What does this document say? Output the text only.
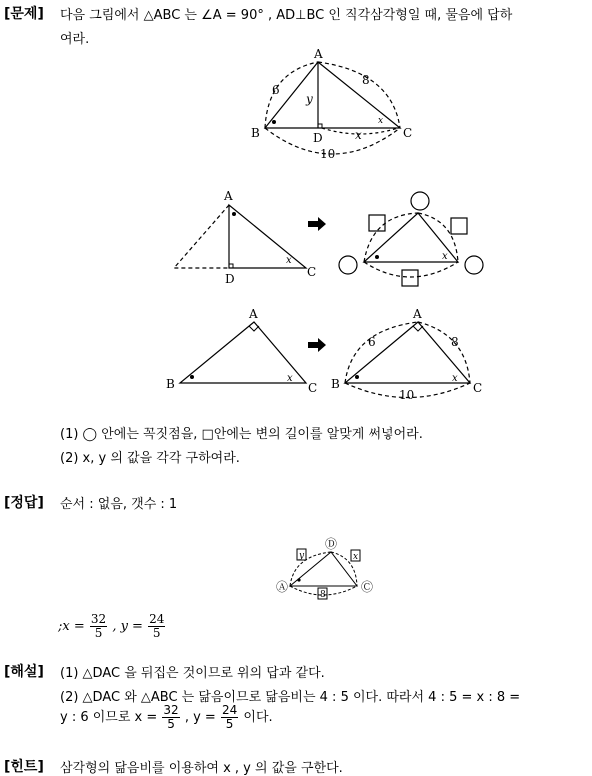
[문제] 다음 그림에서 △ABC 는 ∠A = 90° , AD⊥BC 인 직각삼각형일 때, 물음에 답하
여라.
A
B	C
D
6
8
10
y
x
x
A
D	C
x	x
A
B	C
x
A
B	C
6	8
10
x
Ⓓ
Ⓐ	Ⓒ
y	x
8
(1) ◯ 안에는 꼭짓점을, □안에는 변의 길이를 알맞게 써넣어라.
(2) x, y 의 값을 각각 구하여라.
[정답] 순서 : 없음, 갯수 : 1
;x = $\frac{32}{5}$ , $y = \frac{24}{5}$
[해설] (1) △DAC 을 뒤집은 것이므로 위의 답과 같다.
(2) △DAC 와 △ABC 는 닮음이므로 닮음비는 4 : 5 이다. 따라서 4 : 5 = x : 8 =
y : 6 이므로 $x = \frac{32}{5}$ , $y = \frac{24}{5}$ 이다.
[힌트] 삼각형의 닮음비를 이용하여 x , y 의 값을 구한다.
